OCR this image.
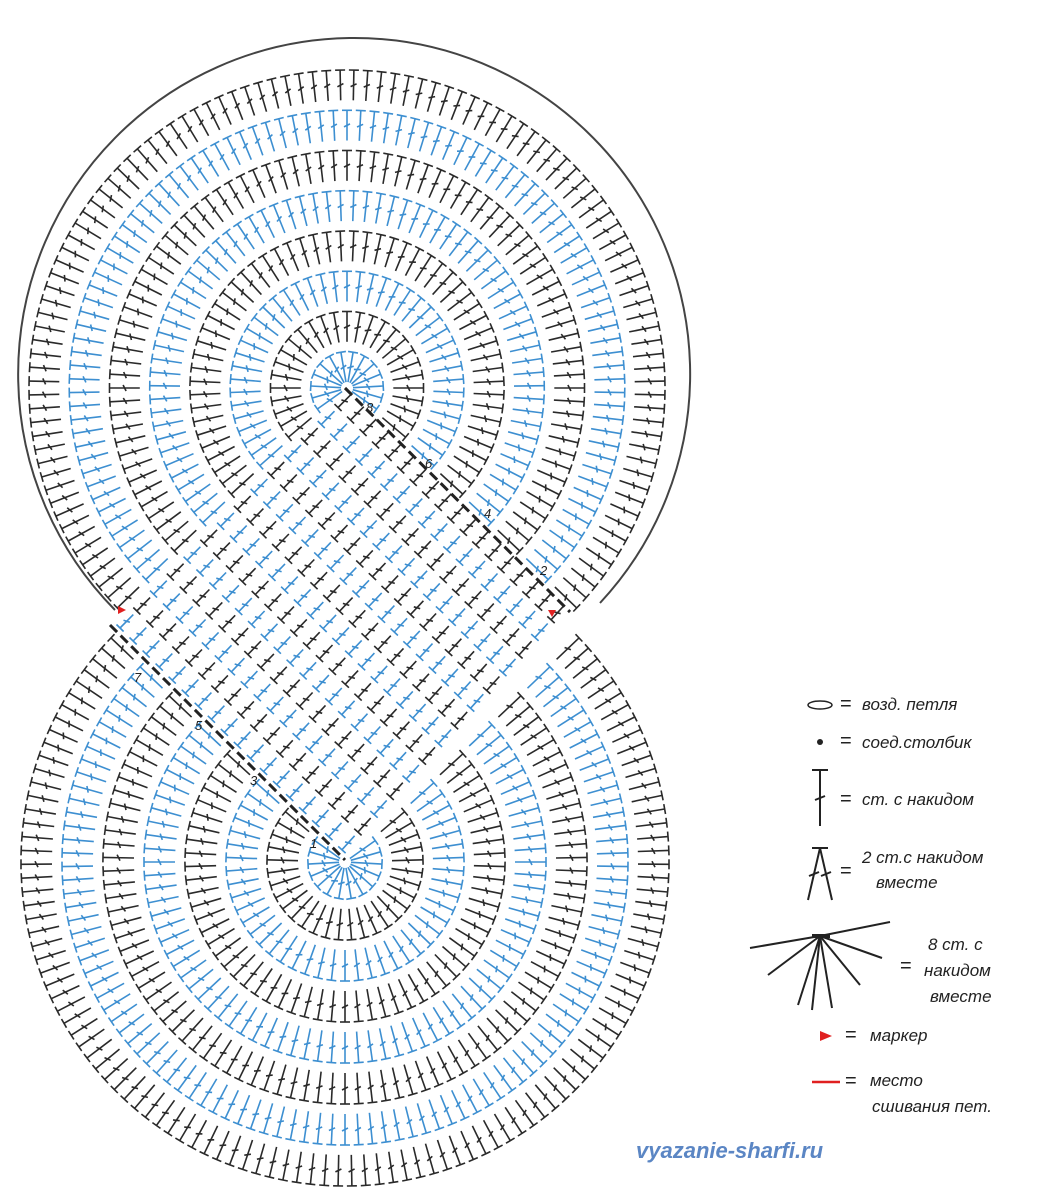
8
6
4
2
7
5
3
1
= возд. петля
= соед.столбик
= ст. с накидом
=
2 ст.с накидом
вместе
=
8 ст. с
накидом
вместе
= маркер
= место
сшивания пет.
vyazanie-sharfi.ru
